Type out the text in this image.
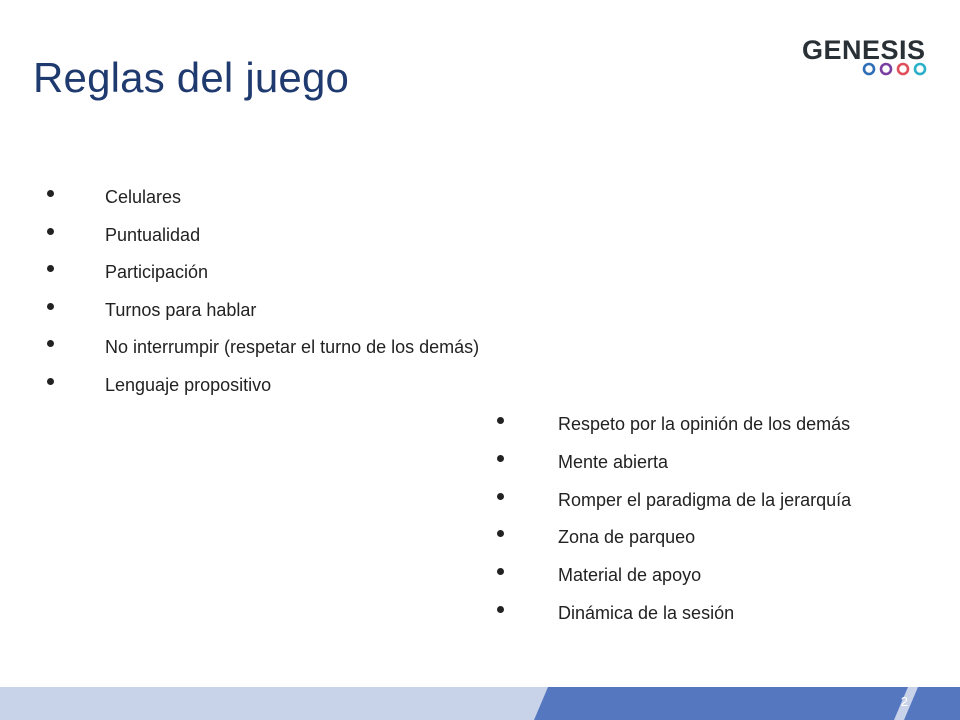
Reglas del juego
GENESIS
Celulares
Puntualidad
Participación
Turnos para hablar
No interrumpir (respetar el turno de los demás)
Lenguaje propositivo
Respeto por la opinión de los demás
Mente abierta
Romper el paradigma de la jerarquía
Zona de parqueo
Material de apoyo
Dinámica de la sesión
2
